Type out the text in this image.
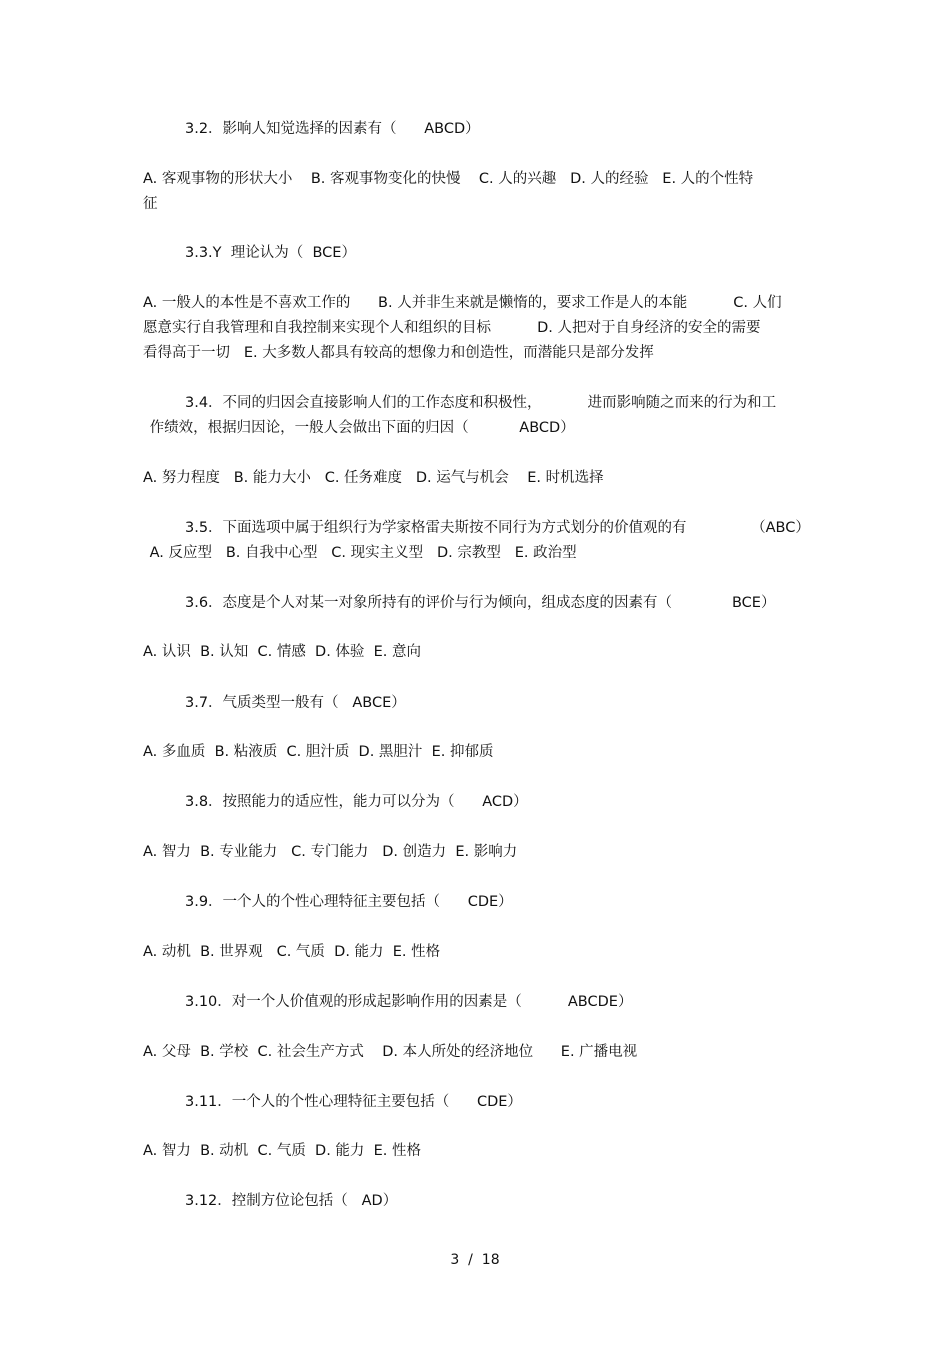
3.2．影响人知觉选择的因素有（      ABCD）
A. 客观事物的形状大小    B. 客观事物变化的快慢    C. 人的兴趣   D. 人的经验   E. 人的个性特
征
3.3.Y  理论认为（  BCE）
A. 一般人的本性是不喜欢工作的      B. 人并非生来就是懒惰的，要求工作是人的本能          C. 人们
愿意实行自我管理和自我控制来实现个人和组织的目标          D. 人把对于自身经济的安全的需要
看得高于一切   E. 大多数人都具有较高的想像力和创造性，而潜能只是部分发挥
3.4．不同的归因会直接影响人们的工作态度和积极性，          进而影响随之而来的行为和工
作绩效，根据归因论，一般人会做出下面的归因（           ABCD）
A. 努力程度   B. 能力大小   C. 任务难度   D. 运气与机会    E. 时机选择
3.5．下面选项中属于组织行为学家格雷夫斯按不同行为方式划分的价值观的有              （ABC）
A. 反应型   B. 自我中心型   C. 现实主义型   D. 宗教型   E. 政治型
3.6．态度是个人对某一对象所持有的评价与行为倾向，组成态度的因素有（             BCE）
A. 认识  B. 认知  C. 情感  D. 体验  E. 意向
3.7．气质类型一般有（   ABCE）
A. 多血质  B. 粘液质  C. 胆汁质  D. 黑胆汁  E. 抑郁质
3.8．按照能力的适应性，能力可以分为（      ACD）
A. 智力  B. 专业能力   C. 专门能力   D. 创造力  E. 影响力
3.9．一个人的个性心理特征主要包括（      CDE）
A. 动机  B. 世界观   C. 气质  D. 能力  E. 性格
3.10．对一个人价值观的形成起影响作用的因素是（          ABCDE）
A. 父母  B. 学校  C. 社会生产方式    D. 本人所处的经济地位      E. 广播电视
3.11．一个人的个性心理特征主要包括（      CDE）
A. 智力  B. 动机  C. 气质  D. 能力  E. 性格
3.12．控制方位论包括（   AD）
3  /  18
